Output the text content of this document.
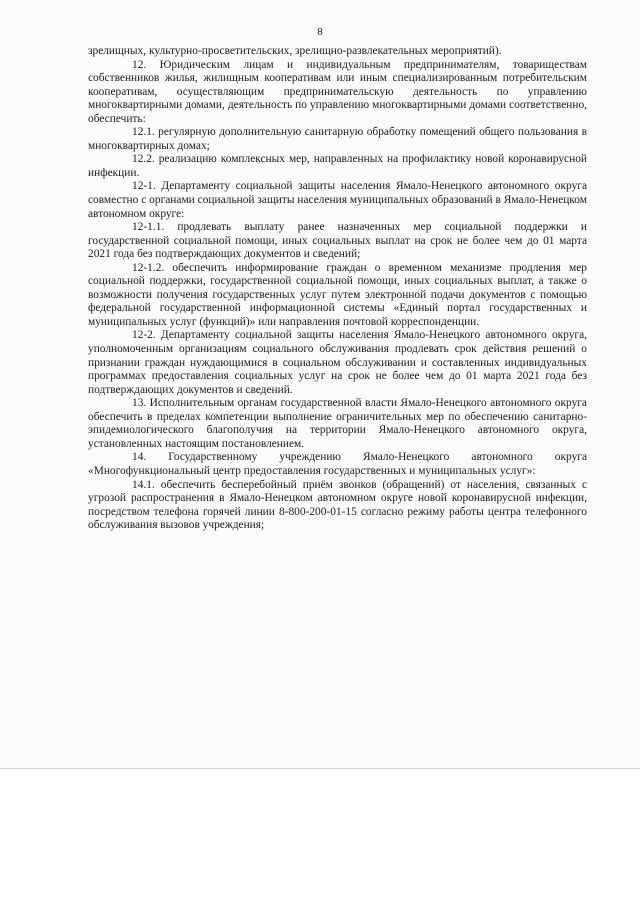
8

зрелищных, культурно-просветительских, зрелищно-развлекательных мероприятий).

12. Юридическим лицам и индивидуальным предпринимателям, товариществам собственников жилья, жилищным кооперативам или иным специализированным потребительским кооперативам, осуществляющим предпринимательскую деятельность по управлению многоквартирными домами, деятельность по управлению многоквартирными домами соответственно, обеспечить:

12.1. регулярную дополнительную санитарную обработку помещений общего пользования в многоквартирных домах;

12.2. реализацию комплексных мер, направленных на профилактику новой коронавирусной инфекции.

12-1. Департаменту социальной защиты населения Ямало-Ненецкого автономного округа совместно с органами социальной защиты населения муниципальных образований в Ямало-Ненецком автономном округе:

12-1.1. продлевать выплату ранее назначенных мер социальной поддержки и государственной социальной помощи, иных социальных выплат на срок не более чем до 01 марта 2021 года без подтверждающих документов и сведений;

12-1.2. обеспечить информирование граждан о временном механизме продления мер социальной поддержки, государственной социальной помощи, иных социальных выплат, а также о возможности получения государственных услуг путем электронной подачи документов с помощью федеральной государственной информационной системы «Единый портал государственных и муниципальных услуг (функций)» или направления почтовой корреспонденции.

12-2. Департаменту социальной защиты населения Ямало-Ненецкого автономного округа, уполномоченным организациям социального обслуживания продлевать срок действия решений о признании граждан нуждающимися в социальном обслуживании и составленных индивидуальных программах предоставления социальных услуг на срок не более чем до 01 марта 2021 года без подтверждающих документов и сведений.

13. Исполнительным органам государственной власти Ямало-Ненецкого автономного округа обеспечить в пределах компетенции выполнение ограничительных мер по обеспечению санитарно-эпидемиологического благополучия на территории Ямало-Ненецкого автономного округа, установленных настоящим постановлением.

14. Государственному учреждению Ямало-Ненецкого автономного округа «Многофункциональный центр предоставления государственных и муниципальных услуг»:

14.1. обеспечить бесперебойный приём звонков (обращений) от населения, связанных с угрозой распространения в Ямало-Ненецком автономном округе новой коронавирусной инфекции, посредством телефона горячей линии 8-800-200-01-15 согласно режиму работы центра телефонного обслуживания вызовов учреждения;
